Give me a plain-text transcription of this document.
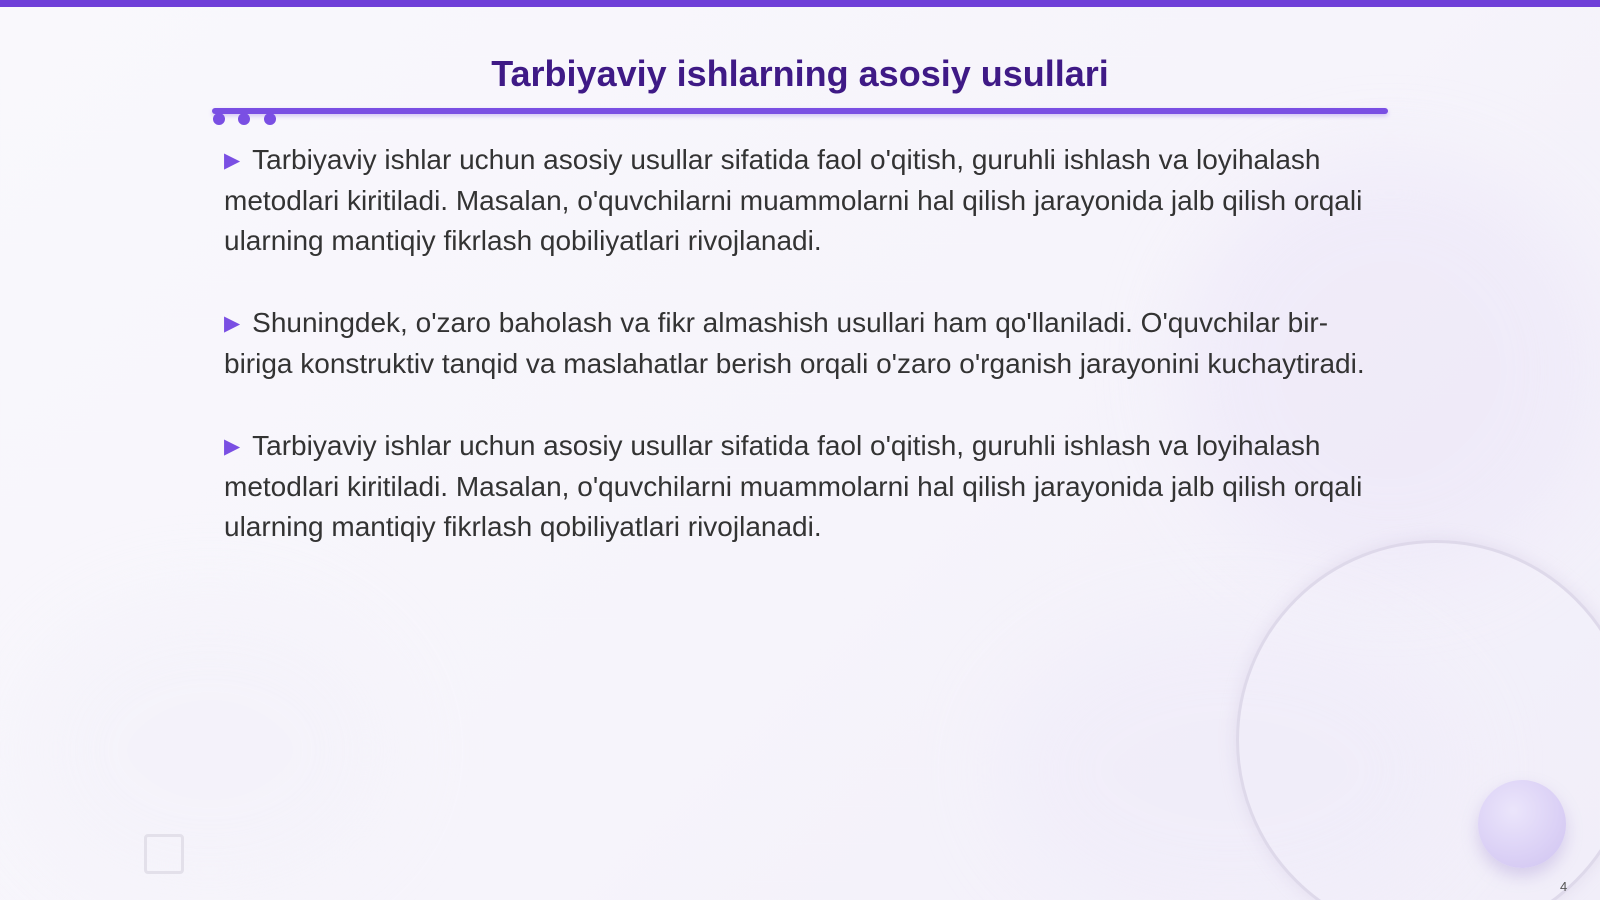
Tarbiyaviy ishlarning asosiy usullari
▶ Tarbiyaviy ishlar uchun asosiy usullar sifatida faol o'qitish, guruhli ishlash va loyihalash metodlari kiritiladi. Masalan, o'quvchilarni muammolarni hal qilish jarayonida jalb qilish orqali ularning mantiqiy fikrlash qobiliyatlari rivojlanadi.
▶ Shuningdek, o'zaro baholash va fikr almashish usullari ham qo'llaniladi. O'quvchilar bir-biriga konstruktiv tanqid va maslahatlar berish orqali o'zaro o'rganish jarayonini kuchaytiradi.
▶ Tarbiyaviy ishlar uchun asosiy usullar sifatida faol o'qitish, guruhli ishlash va loyihalash metodlari kiritiladi. Masalan, o'quvchilarni muammolarni hal qilish jarayonida jalb qilish orqali ularning mantiqiy fikrlash qobiliyatlari rivojlanadi.
4
